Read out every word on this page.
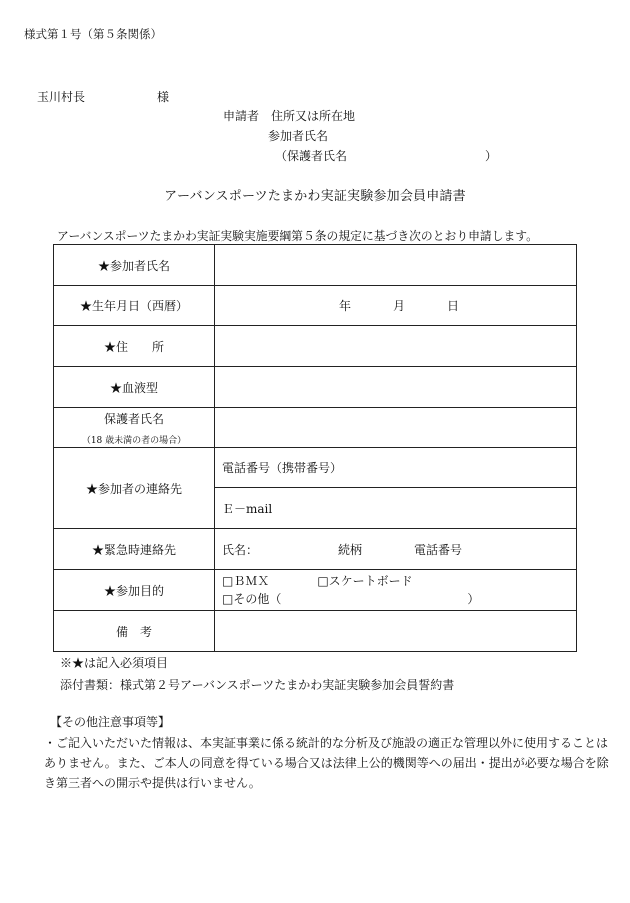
様式第１号（第５条関係）
玉川村長	様
申請者　住所又は所在地
参加者氏名
（保護者氏名	）
アーバンスポーツたまかわ実証実験参加会員申請書
アーバンスポーツたまかわ実証実験実施要綱第５条の規定に基づき次のとおり申請します。
★参加者氏名	
★生年月日（西暦）	年 月 日
★住　　所	
★血液型	
保護者氏名
（18 歳未満の者の場合）	

★参加者の連絡先	電話番号（携帯番号）
	Ｅ－mail
★緊急時連絡先	氏名： 続柄 電話番号
★参加目的	□ＢＭＸ □スケートボード
□その他（ ）

備　考	
※★は記入必須項目
添付書類：様式第２号アーバンスポーツたまかわ実証実験参加会員誓約書
【その他注意事項等】
・ご記入いただいた情報は、本実証事業に係る統計的な分析及び施設の適正な管理以外に使用することはありません。また、ご本人の同意を得ている場合又は法律上公的機関等への届出・提出が必要な場合を除き第三者への開示や提供は行いません。
